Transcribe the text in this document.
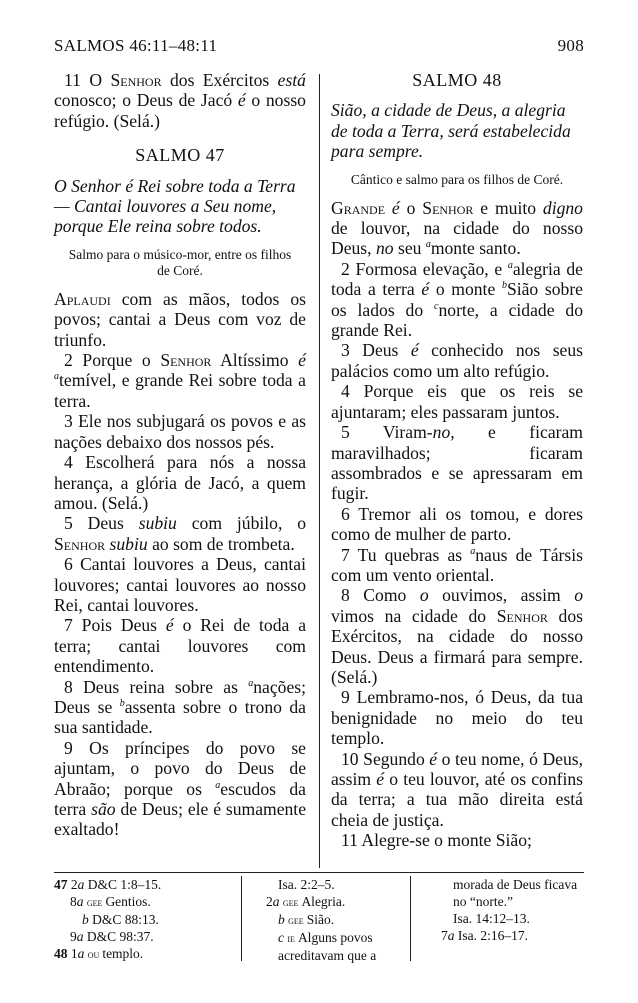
SALMOS 46:11–48:11	908

11 O Senhor dos Exércitos está conosco; o Deus de Jacó é o nosso refúgio. (Selá.)

SALMO 47
O Senhor é Rei sobre toda a Terra — Cantai louvores a Seu nome, porque Ele reina sobre todos.
Salmo para o músico-mor, entre os filhos de Coré.

Aplaudi com as mãos, todos os povos; cantai a Deus com voz de triunfo.

2 Porque o Senhor Altíssimo é $^a$temível, e grande Rei sobre toda a terra.

3 Ele nos subjugará os povos e as nações debaixo dos nossos pés.

4 Escolherá para nós a nossa herança, a glória de Jacó, a quem amou. (Selá.)

5 Deus subiu com júbilo, o Senhor subiu ao som de trombeta.

6 Cantai louvores a Deus, cantai louvores; cantai louvores ao nosso Rei, cantai louvores.

7 Pois Deus é o Rei de toda a terra; cantai louvores com entendimento.

8 Deus reina sobre as $^a$nações; Deus se $^b$assenta sobre o trono da sua santidade.

9 Os príncipes do povo se ajuntam, o povo do Deus de Abraão; porque os $^a$escudos da terra são de Deus; ele é sumamente exaltado!

SALMO 48
Sião, a cidade de Deus, a alegria de toda a Terra, será estabelecida para sempre.
Cântico e salmo para os filhos de Coré.

Grande é o Senhor e muito digno de louvor, na cidade do nosso Deus, no seu $^a$monte santo.

2 Formosa elevação, e $^a$alegria de toda a terra é o monte $^b$Sião sobre os lados do $^c$norte, a cidade do grande Rei.

3 Deus é conhecido nos seus palácios como um alto refúgio.

4 Porque eis que os reis se ajuntaram; eles passaram juntos.

5 Viram-no, e ficaram maravilhados; ficaram assombrados e se apressaram em fugir.

6 Tremor ali os tomou, e dores como de mulher de parto.

7 Tu quebras as $^a$naus de Társis com um vento oriental.

8 Como o ouvimos, assim o vimos na cidade do Senhor dos Exércitos, na cidade do nosso Deus. Deus a firmará para sempre. (Selá.)

9 Lembramo-nos, ó Deus, da tua benignidade no meio do teu templo.

10 Segundo é o teu nome, ó Deus, assim é o teu louvor, até os confins da terra; a tua mão direita está cheia de justiça.

11 Alegre-se o monte Sião;

47 2a D&C 1:8–15.
8a gee Gentios.
b D&C 88:13.
9a D&C 98:37.
48 1a ou templo.
Isa. 2:2–5.
2a gee Alegria.
b gee Sião.
c ie Alguns povos
acreditavam que a
morada de Deus ficava
no “norte.”
Isa. 14:12–13.
7a Isa. 2:16–17.
